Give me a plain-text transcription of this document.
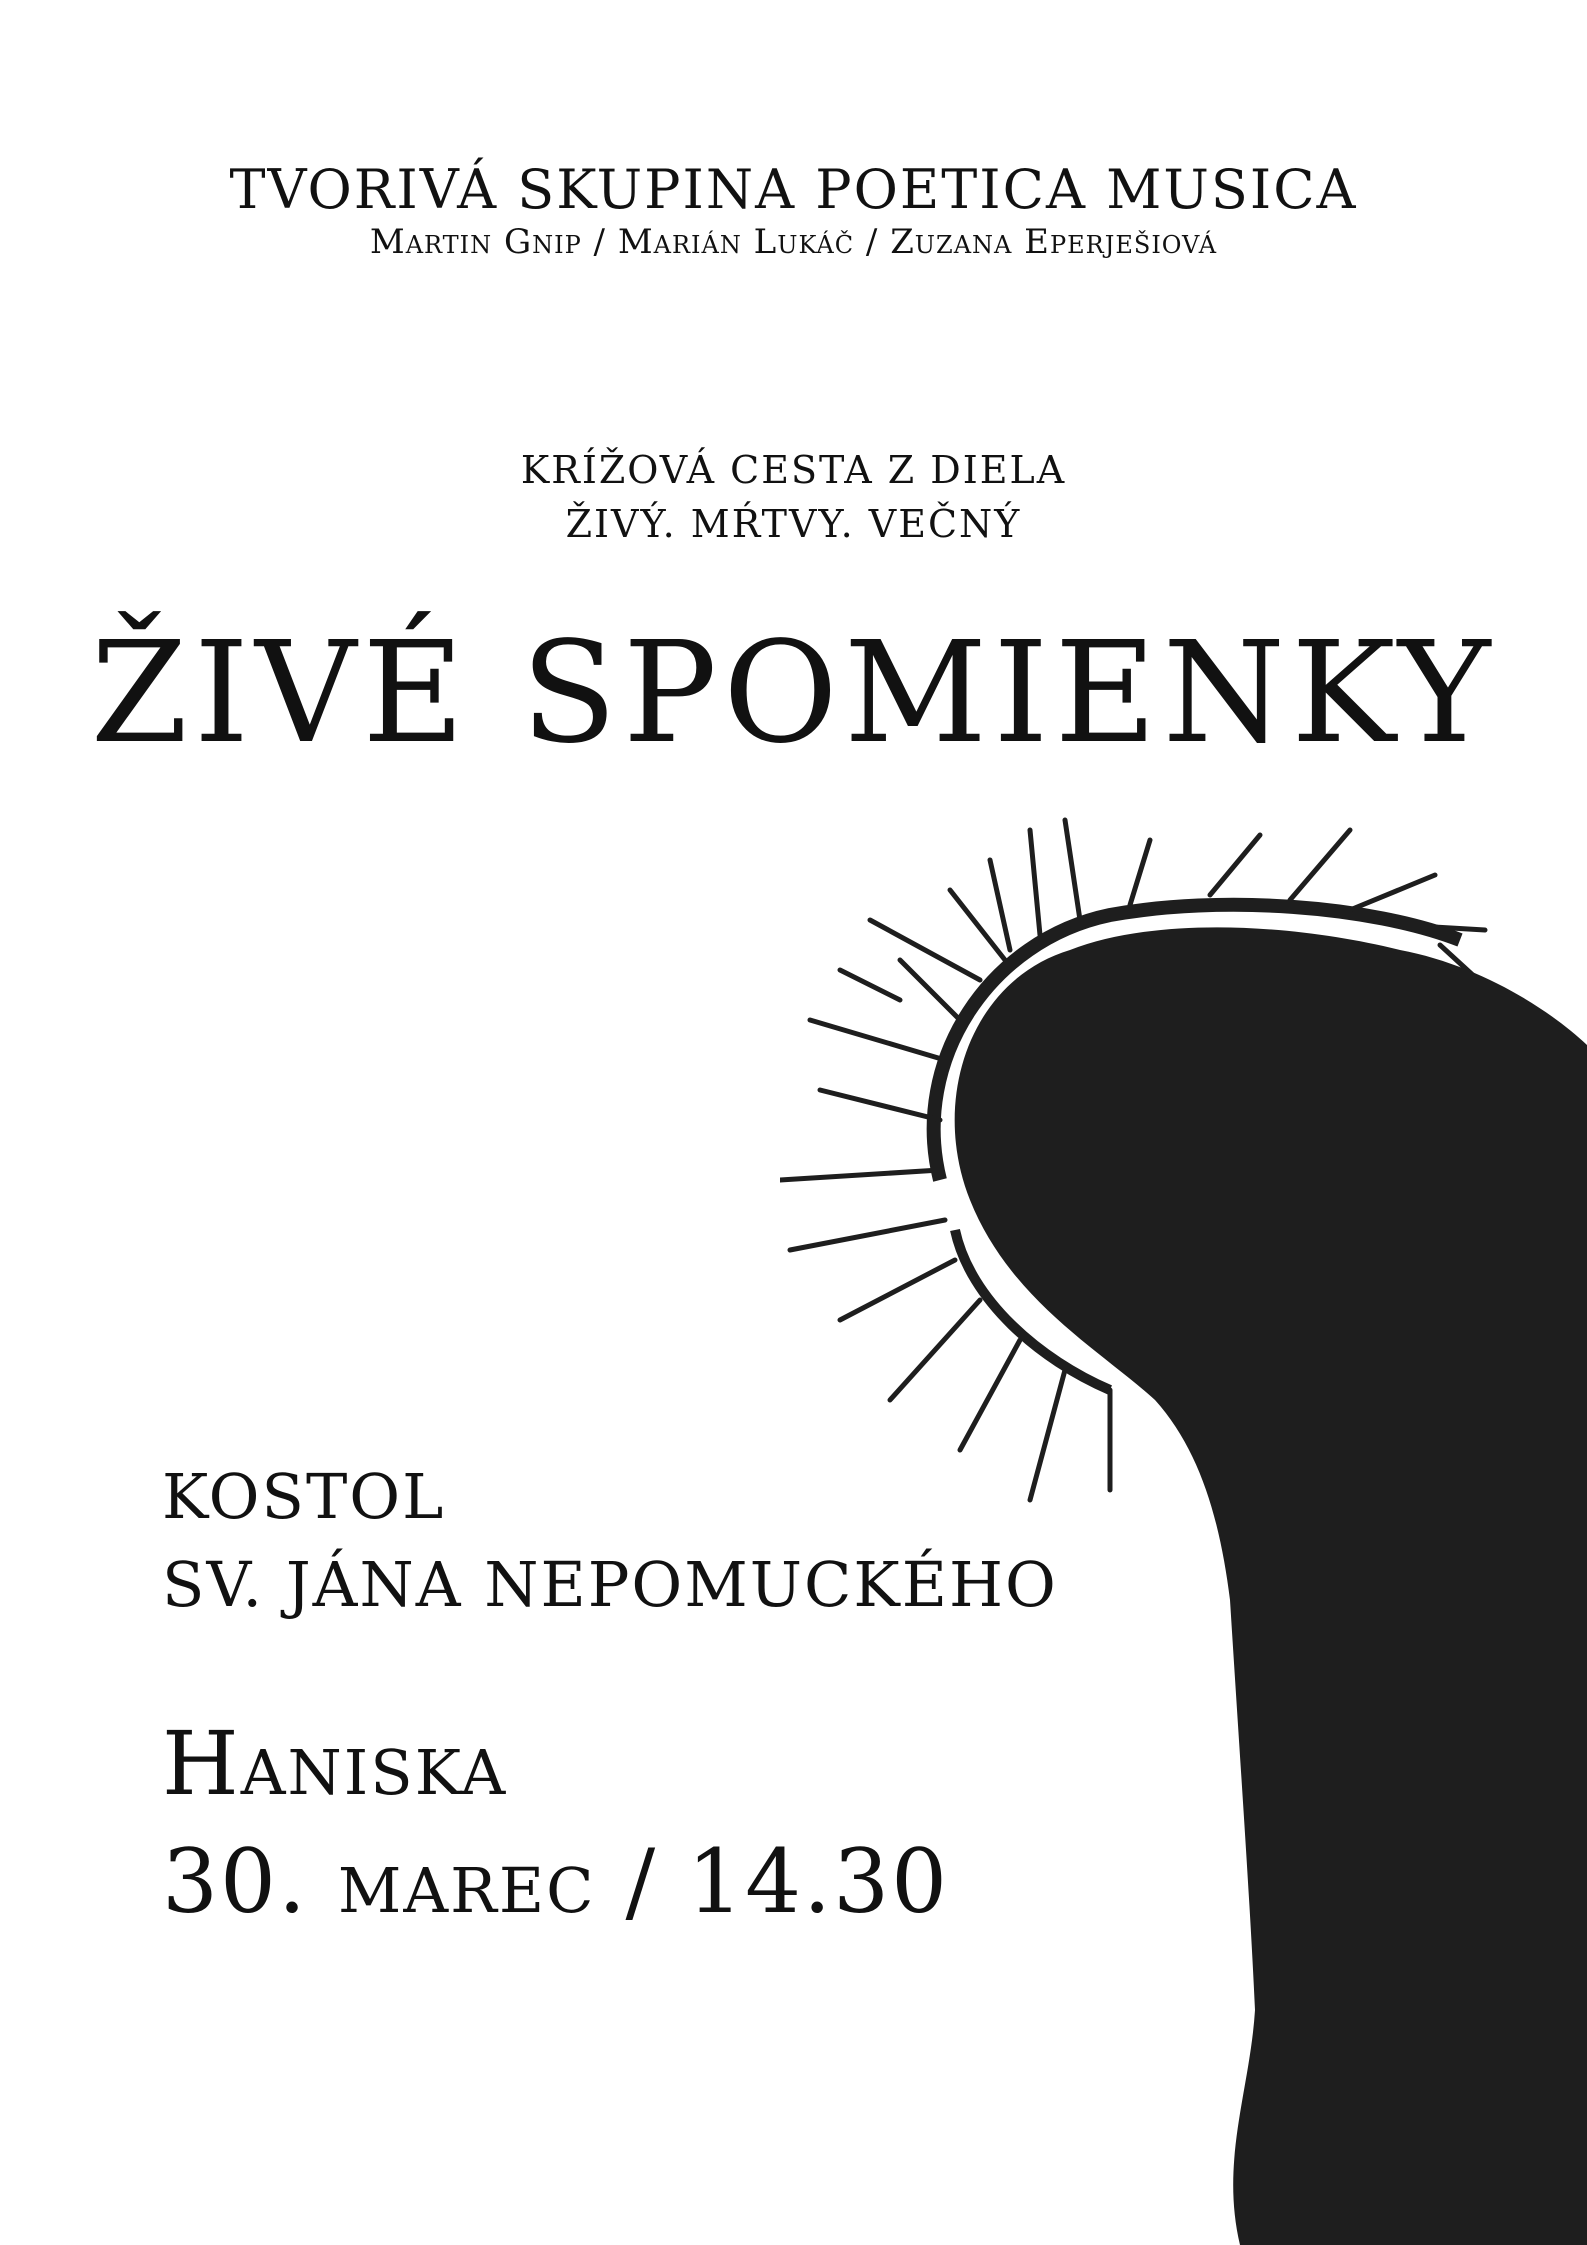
TVORIVÁ SKUPINA POETICA MUSICA
Martin Gnip / Marián Lukáč / Zuzana Eperješiová
KRÍŽOVÁ CESTA Z DIELA
ŽIVÝ. MŔTVY. VEČNÝ
ŽIVÉ SPOMIENKY
KOSTOL
SV. JÁNA NEPOMUCKÉHO
Haniska
30. marec / 14.30
